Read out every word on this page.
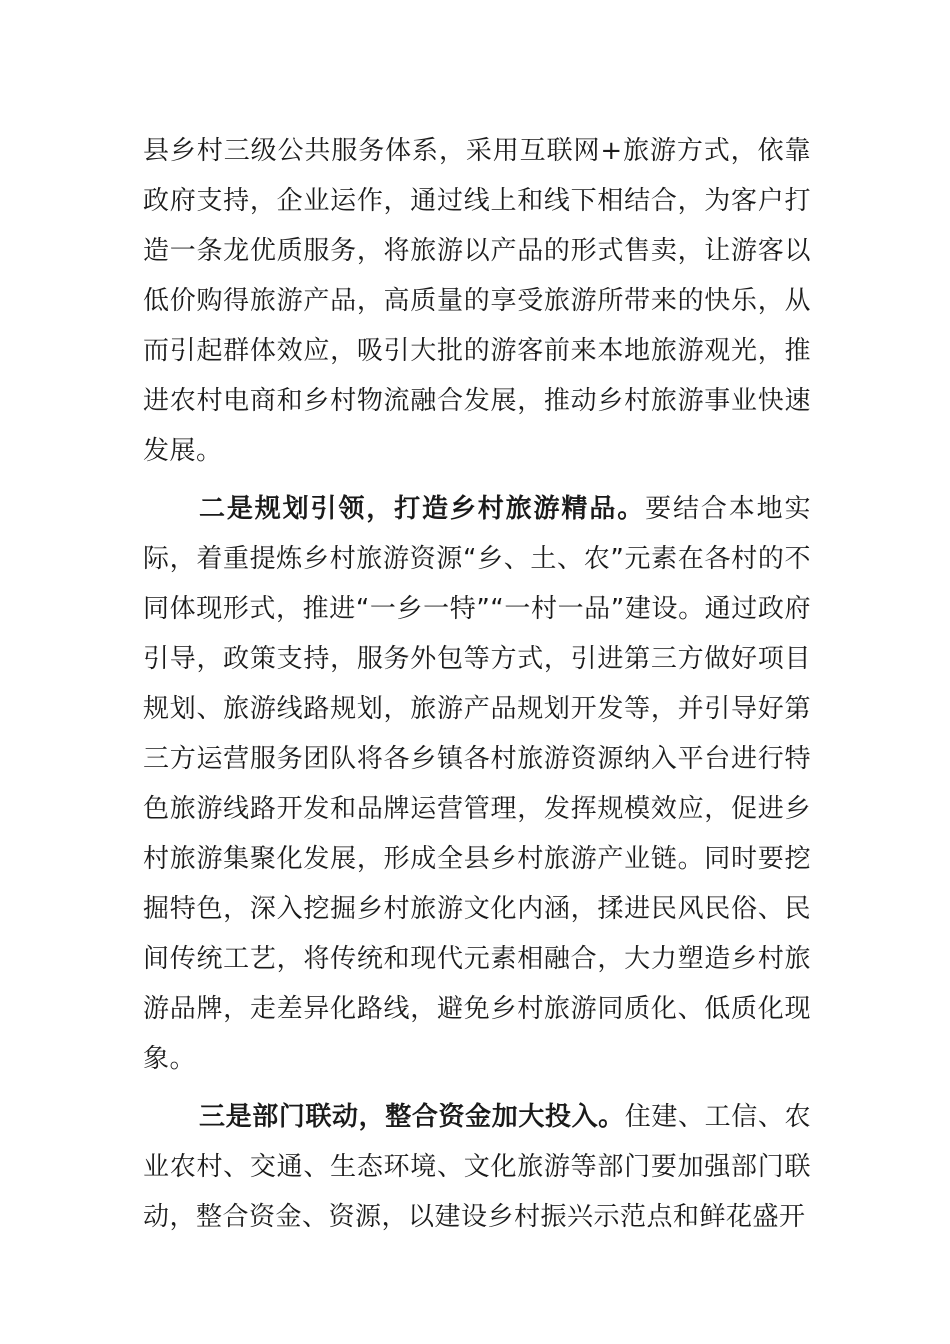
县乡村三级公共服务体系，采用互联网+旅游方式，依靠政府支持，企业运作，通过线上和线下相结合，为客户打造一条龙优质服务，将旅游以产品的形式售卖，让游客以低价购得旅游产品，高质量的享受旅游所带来的快乐，从而引起群体效应，吸引大批的游客前来本地旅游观光，推进农村电商和乡村物流融合发展，推动乡村旅游事业快速发展。

二是规划引领，打造乡村旅游精品。要结合本地实际，着重提炼乡村旅游资源“乡、土、农”元素在各村的不同体现形式，推进“一乡一特”“一村一品”建设。通过政府引导，政策支持，服务外包等方式，引进第三方做好项目规划、旅游线路规划，旅游产品规划开发等，并引导好第三方运营服务团队将各乡镇各村旅游资源纳入平台进行特色旅游线路开发和品牌运营管理，发挥规模效应，促进乡村旅游集聚化发展，形成全县乡村旅游产业链。同时要挖掘特色，深入挖掘乡村旅游文化内涵，揉进民风民俗、民间传统工艺，将传统和现代元素相融合，大力塑造乡村旅游品牌，走差异化路线，避免乡村旅游同质化、低质化现象。

三是部门联动，整合资金加大投入。住建、工信、农业农村、交通、生态环境、文化旅游等部门要加强部门联动，整合资金、资源，以建设乡村振兴示范点和鲜花盛开
